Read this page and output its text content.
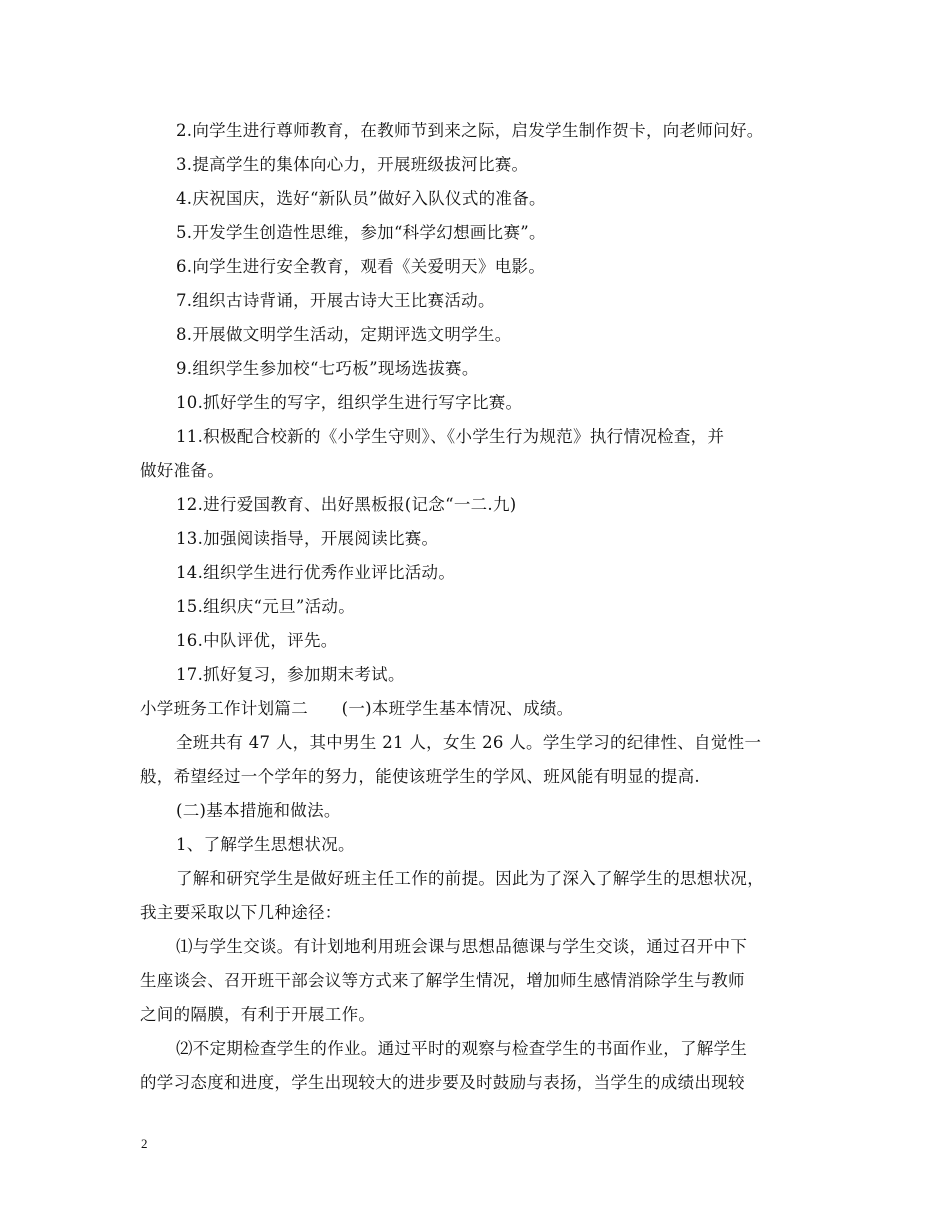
2.向学生进行尊师教育，在教师节到来之际，启发学生制作贺卡，向老师问好。
3.提高学生的集体向心力，开展班级拔河比赛。
4.庆祝国庆，选好“新队员”做好入队仪式的准备。
5.开发学生创造性思维，参加“科学幻想画比赛”。
6.向学生进行安全教育，观看《关爱明天》电影。
7.组织古诗背诵，开展古诗大王比赛活动。
8.开展做文明学生活动，定期评选文明学生。
9.组织学生参加校“七巧板”现场选拔赛。
10.抓好学生的写字，组织学生进行写字比赛。
11.积极配合校新的《小学生守则》、《小学生行为规范》执行情况检查，并
做好准备。
12.进行爱国教育、出好黑板报(记念“一二.九)
13.加强阅读指导，开展阅读比赛。
14.组织学生进行优秀作业评比活动。
15.组织庆“元旦”活动。
16.中队评优，评先。
17.抓好复习，参加期末考试。
小学班务工作计划篇二　　(一)本班学生基本情况、成绩。
全班共有 47 人，其中男生 21 人，女生 26 人。学生学习的纪律性、自觉性一
般，希望经过一个学年的努力，能使该班学生的学风、班风能有明显的提高.
(二)基本措施和做法。
1、了解学生思想状况。
了解和研究学生是做好班主任工作的前提。因此为了深入了解学生的思想状况，
我主要采取以下几种途径：
⑴与学生交谈。有计划地利用班会课与思想品德课与学生交谈，通过召开中下
生座谈会、召开班干部会议等方式来了解学生情况，增加师生感情消除学生与教师
之间的隔膜，有利于开展工作。
⑵不定期检查学生的作业。通过平时的观察与检查学生的书面作业，了解学生
的学习态度和进度，学生出现较大的进步要及时鼓励与表扬，当学生的成绩出现较
2
